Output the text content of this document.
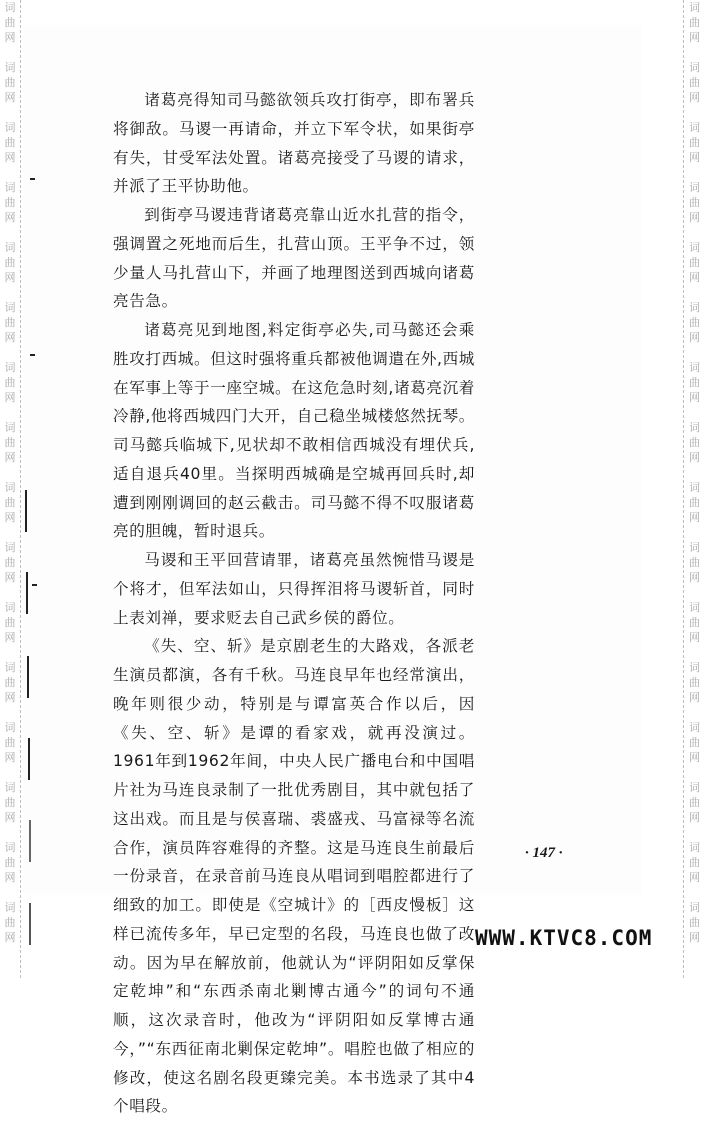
词
曲
网
词
曲
网
词
曲
网
词
曲
网
词
曲
网
词
曲
网
词
曲
网
词
曲
网
词
曲
网
词
曲
网
词
曲
网
词
曲
网
词
曲
网
词
曲
网
词
曲
网
词
曲
网
词
曲
网
词
曲
网
词
曲
网
词
曲
网
词
曲
网
词
曲
网
词
曲
网
词
曲
网
词
曲
网
词
曲
网
词
曲
网
词
曲
网
词
曲
网
词
曲
网
词
曲
网
词
曲
网

诸葛亮得知司马懿欲领兵攻打街亭，即布署兵将御敌。马谡一再请命，并立下军令状，如果街亭有失，甘受军法处置。诸葛亮接受了马谡的请求，并派了王平协助他。

到街亭马谡违背诸葛亮靠山近水扎营的指令，强调置之死地而后生，扎营山顶。王平争不过，领少量人马扎营山下，并画了地理图送到西城向诸葛亮告急。

诸葛亮见到地图,料定街亭必失,司马懿还会乘胜攻打西城。但这时强将重兵都被他调遣在外,西城在军事上等于一座空城。在这危急时刻,诸葛亮沉着冷静,他将西城四门大开，自己稳坐城楼悠然抚琴。司马懿兵临城下,见状却不敢相信西城没有埋伏兵,适自退兵40里。当探明西城确是空城再回兵时,却遭到刚刚调回的赵云截击。司马懿不得不叹服诸葛亮的胆魄，暂时退兵。

马谡和王平回营请罪，诸葛亮虽然惋惜马谡是个将才，但军法如山，只得挥泪将马谡斩首，同时上表刘禅，要求贬去自己武乡侯的爵位。

《失、空、斩》是京剧老生的大路戏，各派老生演员都演，各有千秋。马连良早年也经常演出，晚年则很少动，特别是与谭富英合作以后，因《失、空、斩》是谭的看家戏，就再没演过。1961年到1962年间，中央人民广播电台和中国唱片社为马连良录制了一批优秀剧目，其中就包括了这出戏。而且是与侯喜瑞、裘盛戎、马富禄等名流合作，演员阵容难得的齐整。这是马连良生前最后一份录音，在录音前马连良从唱词到唱腔都进行了细致的加工。即使是《空城计》的［西皮慢板］这样已流传多年，早已定型的名段，马连良也做了改动。因为早在解放前，他就认为“评阴阳如反掌保定乾坤”和“东西杀南北剿博古通今”的词句不通顺，这次录音时，他改为“评阴阳如反掌博古通今，”“东西征南北剿保定乾坤”。唱腔也做了相应的修改，使这名剧名段更臻完美。本书选录了其中4个唱段。

· 147 ·
WWW.KTVC8.COM
